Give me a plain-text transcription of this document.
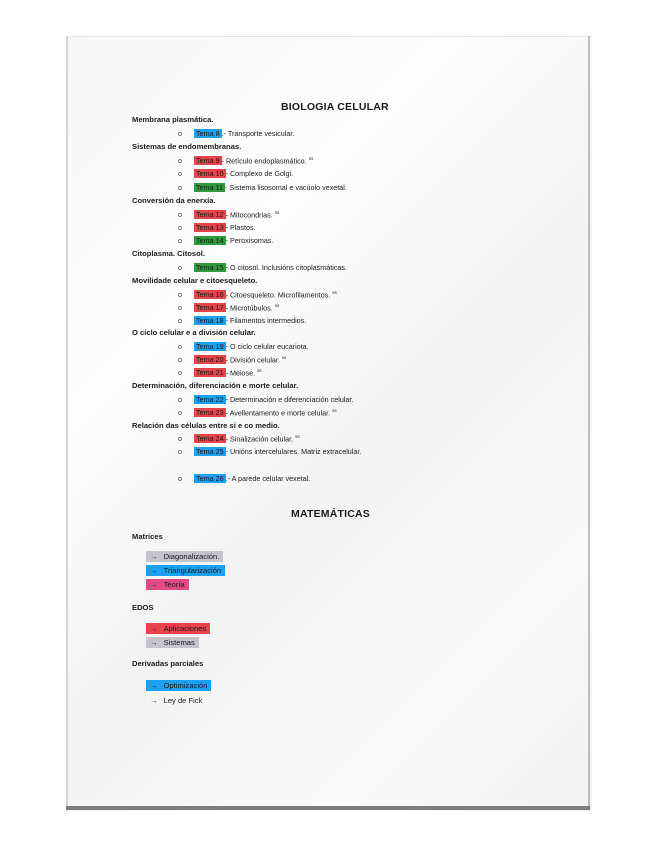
BIOLOGIA CELULAR
Membrana plasmática.
o Tema 8 .- Transporte vesicular.
Sistemas de endomembranas.
o Tema 9 - Retículo endoplasmático. $^{ss}$
o Tema 10 - Complexo de Golgi.
o Tema 11 - Sistema lisosomal e vacúolo vexetal.
Conversión da enerxía.
o Tema 12 - Mitocondrias. $^{ss}$
o Tema 13 - Plastos.
o Tema 14 - Peroxisomas.
Citoplasma. Citosol.
o Tema 15 - O citosol. Inclusións citoplasmáticas.
Movilidade celular e citoesqueleto.
o Tema 16 - Citoesqueleto. Microfilamentos. $^{ss}$
o Tema 17 - Microtúbulos. $^{ss}$
o Tema 18 - Filamentos intermedios.
O ciclo celular e a división celular.
o Tema 19 - O ciclo celular eucariota.
o Tema 20 - División celular. $^{ss}$
o Tema 21 - Meiose. $^{ss}$
Determinación, diferenciación e morte celular.
o Tema 22 - Determinación e diferenciación celular.
o Tema 23 - Avellentamento e morte celular. $^{ss}$
Relación das células entre si e co medio.
o Tema 24 - Sinalización celular. $^{ss}$
o Tema 25 - Unións intercelulares. Matriz extracelular.
o Tema 26 .- A parede celular vexetal.
MATEMÁTICAS
Matrices
→ Diagonalización.
→ Triangularización
→ Teoría
EDOS
→ Aplicaciones
→ Sistemas
Derivadas parciales
→ Optimización
→ Ley de Fick
